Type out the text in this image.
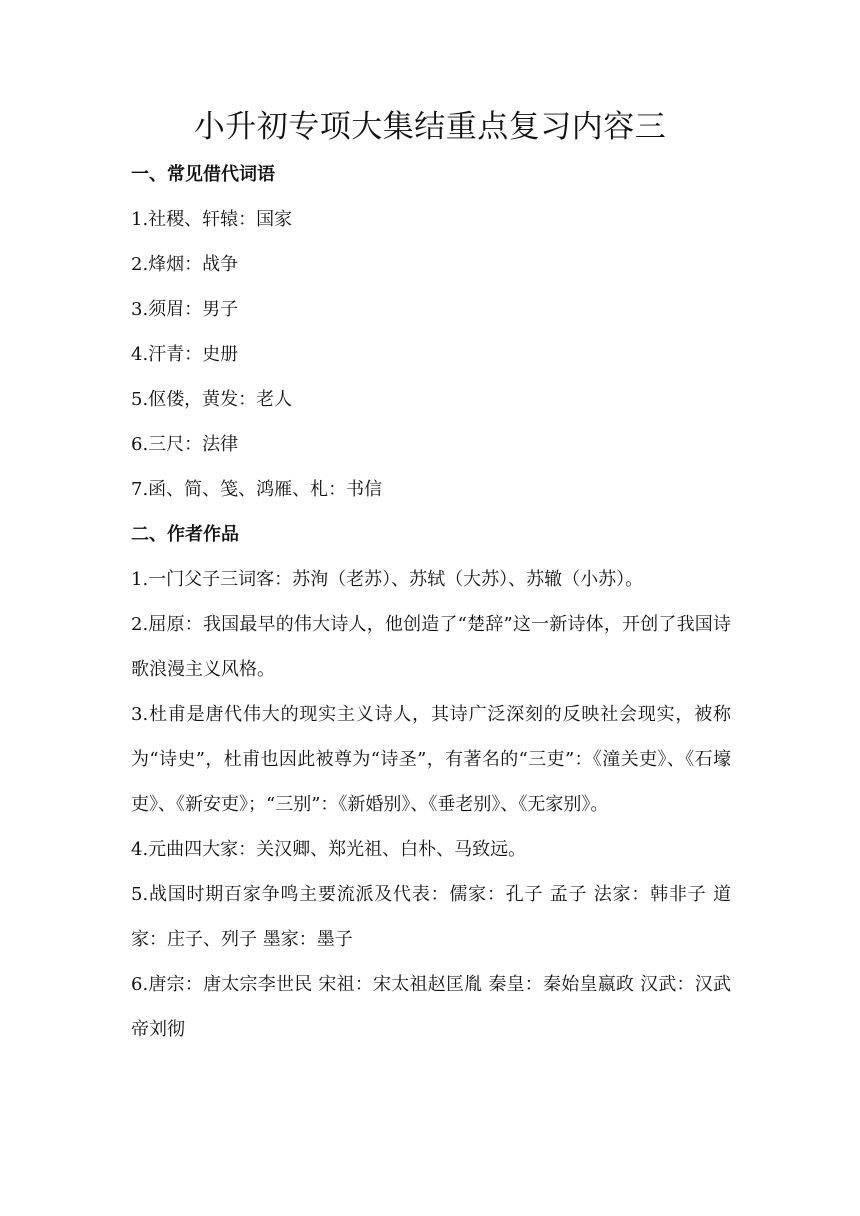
小升初专项大集结重点复习内容三
一、常见借代词语
1.社稷、轩辕：国家
2.烽烟：战争
3.须眉：男子
4.汗青：史册
5.伛偻，黄发：老人
6.三尺：法律
7.函、简、笺、鸿雁、札：书信
二、作者作品
1.一门父子三词客：苏洵（老苏）、苏轼（大苏）、苏辙（小苏）。
2.屈原：我国最早的伟大诗人，他创造了“楚辞”这一新诗体，开创了我国诗歌浪漫主义风格。
3.杜甫是唐代伟大的现实主义诗人，其诗广泛深刻的反映社会现实，被称为“诗史”，杜甫也因此被尊为“诗圣”，有著名的“三吏”：《潼关吏》、《石壕吏》、《新安吏》；“三别”：《新婚别》、《垂老别》、《无家别》。
4.元曲四大家：关汉卿、郑光祖、白朴、马致远。
5.战国时期百家争鸣主要流派及代表：儒家：孔子 孟子 法家：韩非子 道家：庄子、列子 墨家：墨子
6.唐宗：唐太宗李世民 宋祖：宋太祖赵匡胤 秦皇：秦始皇嬴政 汉武：汉武帝刘彻
